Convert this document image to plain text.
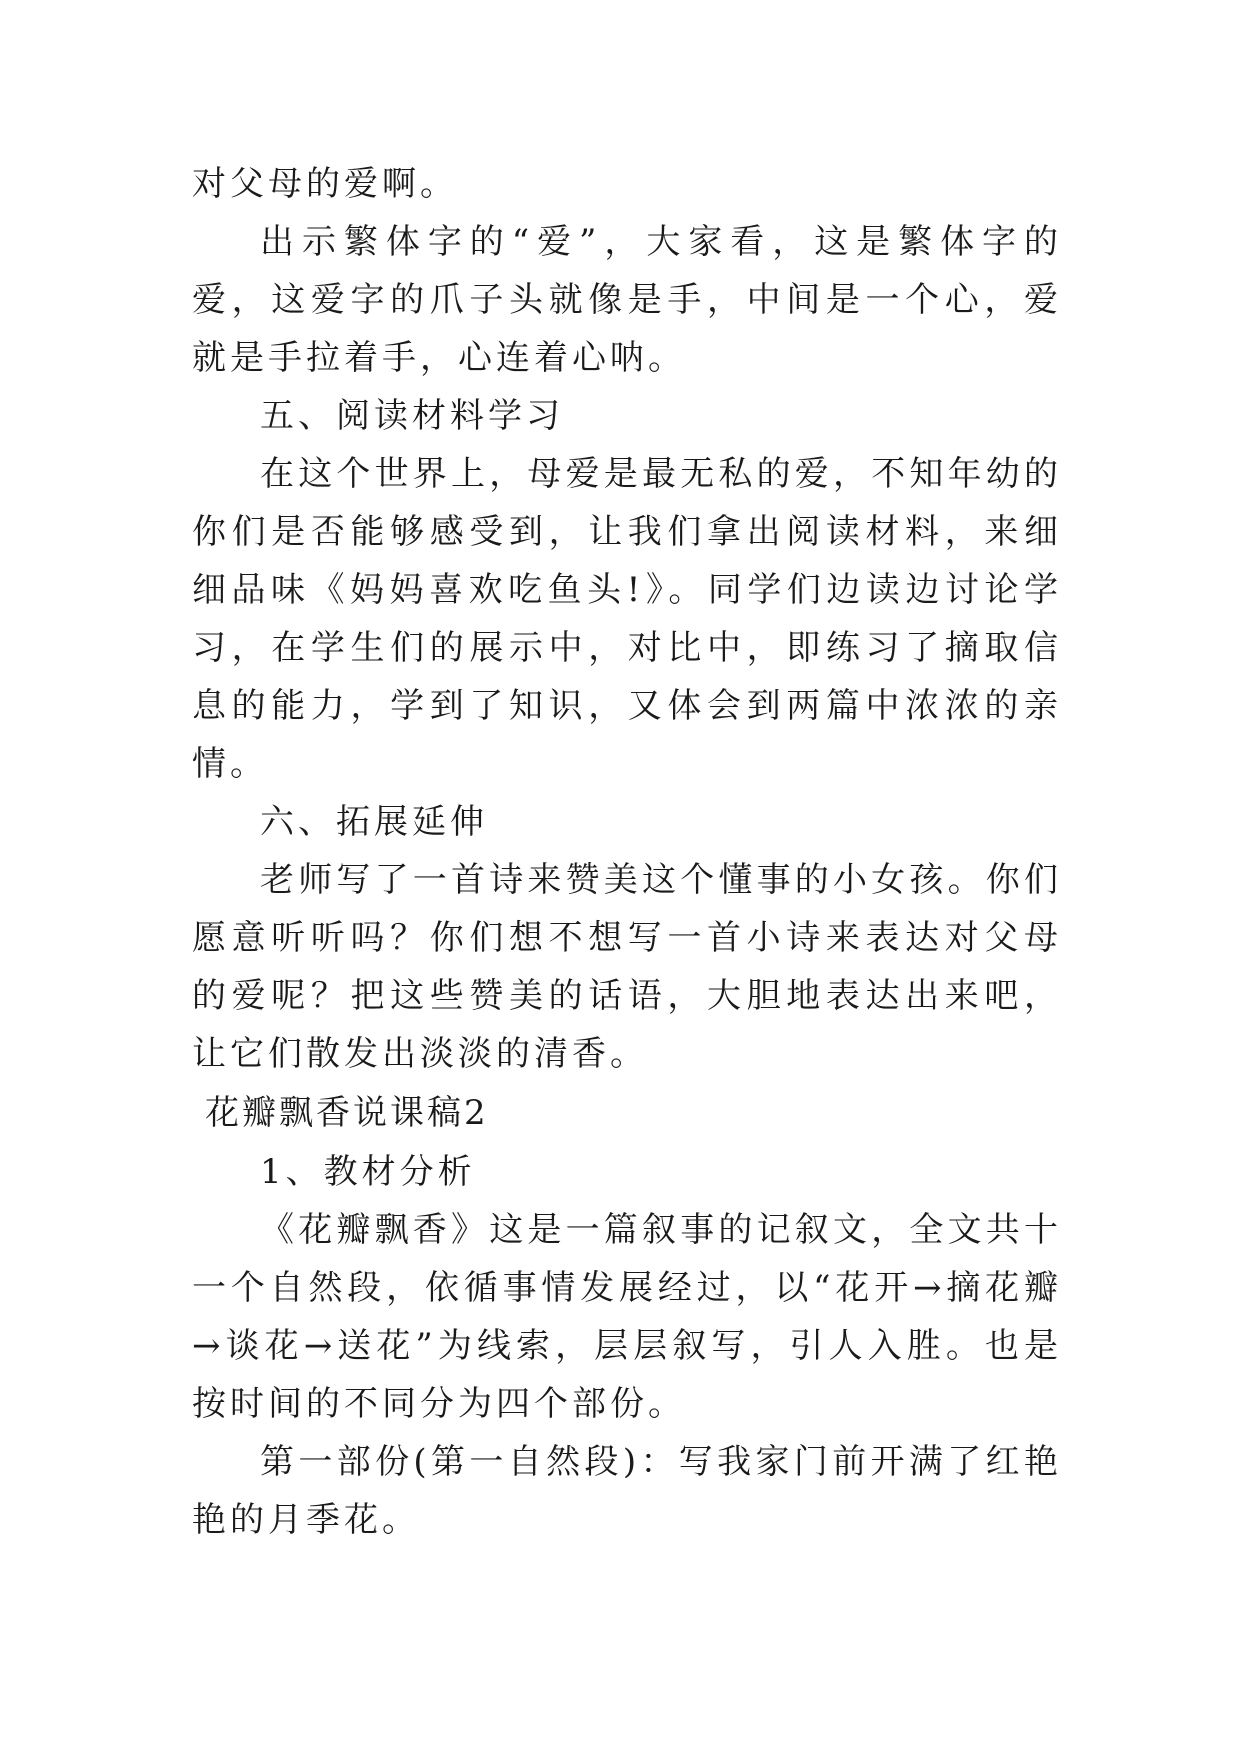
对父母的爱啊。

出示繁体字的“爱”，大家看，这是繁体字的爱，这爱字的爪子头就像是手，中间是一个心，爱就是手拉着手，心连着心呐。

五、阅读材料学习

在这个世界上，母爱是最无私的爱，不知年幼的你们是否能够感受到，让我们拿出阅读材料，来细细品味《妈妈喜欢吃鱼头!》。同学们边读边讨论学习，在学生们的展示中，对比中，即练习了摘取信息的能力，学到了知识，又体会到两篇中浓浓的亲情。

六、拓展延伸

老师写了一首诗来赞美这个懂事的小女孩。你们愿意听听吗？你们想不想写一首小诗来表达对父母的爱呢？把这些赞美的话语，大胆地表达出来吧，让它们散发出淡淡的清香。

花瓣飘香说课稿2

1、教材分析

《花瓣飘香》这是一篇叙事的记叙文，全文共十一个自然段，依循事情发展经过，以“花开→摘花瓣→谈花→送花”为线索，层层叙写，引人入胜。也是按时间的不同分为四个部份。

第一部份(第一自然段)：写我家门前开满了红艳艳的月季花。
